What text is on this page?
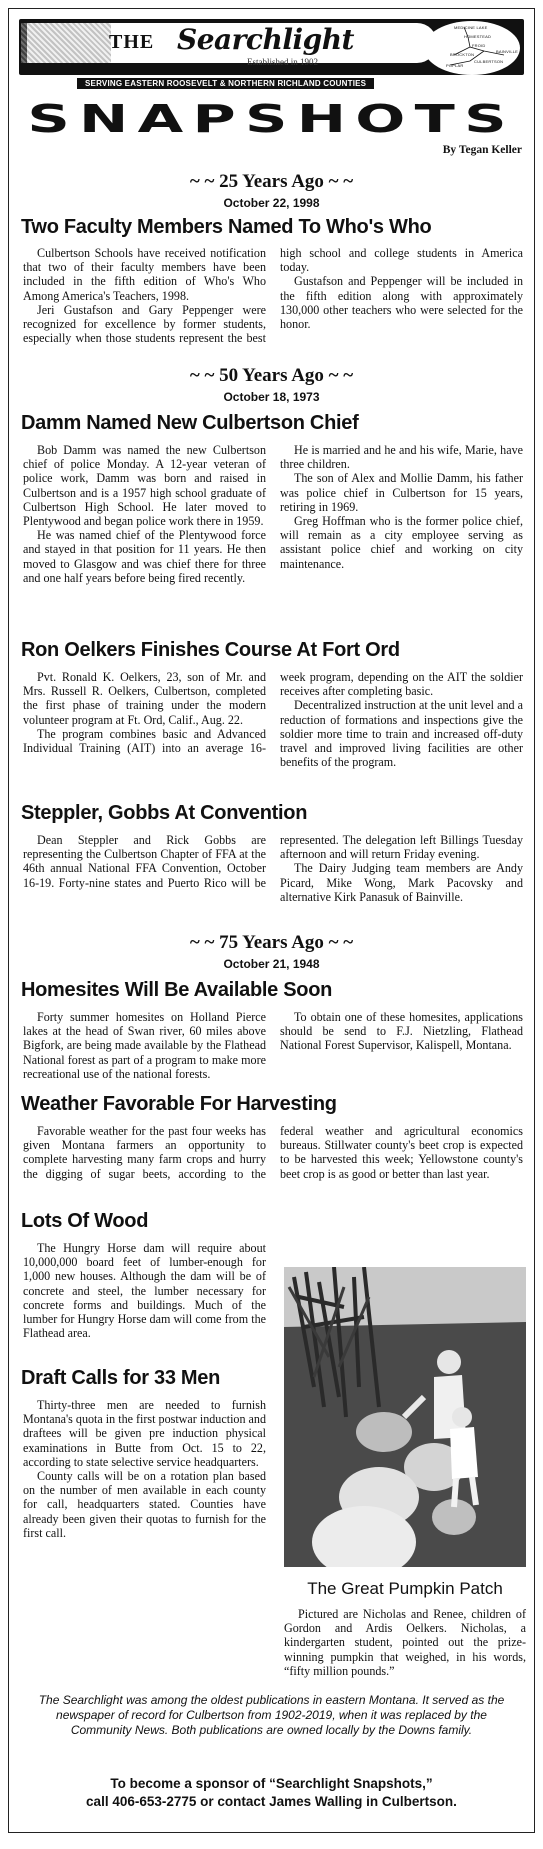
THE Searchlight
Established in 1902
MEDICINE LAKE
HOMESTEAD
FROID
BAINVILLE
BROCKTON
POPLAR
CULBERTSON
SERVING EASTERN ROOSEVELT & NORTHERN RICHLAND COUNTIES
SNAPSHOTS
By Tegan Keller
~ ~ 25 Years Ago ~ ~
October 22, 1998
Two Faculty Members Named To Who's Who

Culbertson Schools have received notification that two of their faculty members have been included in the fifth edition of Who's Who Among America's Teachers, 1998.

Jeri Gustafson and Gary Peppenger were recognized for excellence by former students, especially when those students represent the best high school and college students in America today.

Gustafson and Peppenger will be included in the fifth edition along with approximately 130,000 other teachers who were selected for the honor.

~ ~ 50 Years Ago ~ ~
October 18, 1973
Damm Named New Culbertson Chief

Bob Damm was named the new Culbertson chief of police Monday. A 12-year veteran of police work, Damm was born and raised in Culbertson and is a 1957 high school graduate of Culbertson High School. He later moved to Plentywood and began police work there in 1959.

He was named chief of the Plentywood force and stayed in that position for 11 years. He then moved to Glasgow and was chief there for three and one half years before being fired recently.

He is married and he and his wife, Marie, have three children.

The son of Alex and Mollie Damm, his father was police chief in Culbertson for 15 years, retiring in 1969.

Greg Hoffman who is the former police chief, will remain as a city employee serving as assistant police chief and working on city maintenance.

Ron Oelkers Finishes Course At Fort Ord

Pvt. Ronald K. Oelkers, 23, son of Mr. and Mrs. Russell R. Oelkers, Culbertson, completed the first phase of training under the modern volunteer program at Ft. Ord, Calif., Aug. 22.

The program combines basic and Advanced Individual Training (AIT) into an average 16-week program, depending on the AIT the soldier receives after completing basic.

Decentralized instruction at the unit level and a reduction of formations and inspections give the soldier more time to train and increased off-duty travel and improved living facilities are other benefits of the program.

Steppler, Gobbs At Convention

Dean Steppler and Rick Gobbs are representing the Culbertson Chapter of FFA at the 46th annual National FFA Convention, October 16-19. Forty-nine states and Puerto Rico will be represented. The delegation left Billings Tuesday afternoon and will return Friday evening.

The Dairy Judging team members are Andy Picard, Mike Wong, Mark Pacovsky and alternative Kirk Panasuk of Bainville.

~ ~ 75 Years Ago ~ ~
October 21, 1948
Homesites Will Be Available Soon

Forty summer homesites on Holland Pierce lakes at the head of Swan river, 60 miles above Bigfork, are being made available by the Flathead National forest as part of a program to make more recreational use of the national forests.

To obtain one of these homesites, applications should be send to F.J. Nietzling, Flathead National Forest Supervisor, Kalispell, Montana.

Weather Favorable For Harvesting

Favorable weather for the past four weeks has given Montana farmers an opportunity to complete harvesting many farm crops and hurry the digging of sugar beets, according to the federal weather and agricultural economics bureaus. Stillwater county's beet crop is expected to be harvested this week; Yellowstone county's beet crop is as good or better than last year.

Lots Of Wood

The Hungry Horse dam will require about 10,000,000 board feet of lumber-enough for 1,000 new houses. Although the dam will be of concrete and steel, the lumber necessary for concrete forms and buildings. Much of the lumber for Hungry Horse dam will come from the Flathead area.

Draft Calls for 33 Men

Thirty-three men are needed to furnish Montana's quota in the first postwar induction and draftees will be given pre induction physical examinations in Butte from Oct. 15 to 22, according to state selective service headquarters.

County calls will be on a rotation plan based on the number of men available in each county for call, headquarters stated. Counties have already been given their quotas to furnish for the first call.

The Great Pumpkin Patch

Pictured are Nicholas and Renee, children of Gordon and Ardis Oelkers. Nicholas, a kindergarten student, pointed out the prize-winning pumpkin that weighed, in his words, “fifty million pounds.”

The Searchlight was among the oldest publications in eastern Montana. It served as the newspaper of record for Culbertson from 1902-2019, when it was replaced by the Community News. Both publications are owned locally by the Downs family.
To become a sponsor of “Searchlight Snapshots,”
call 406-653-2775 or contact James Walling in Culbertson.
